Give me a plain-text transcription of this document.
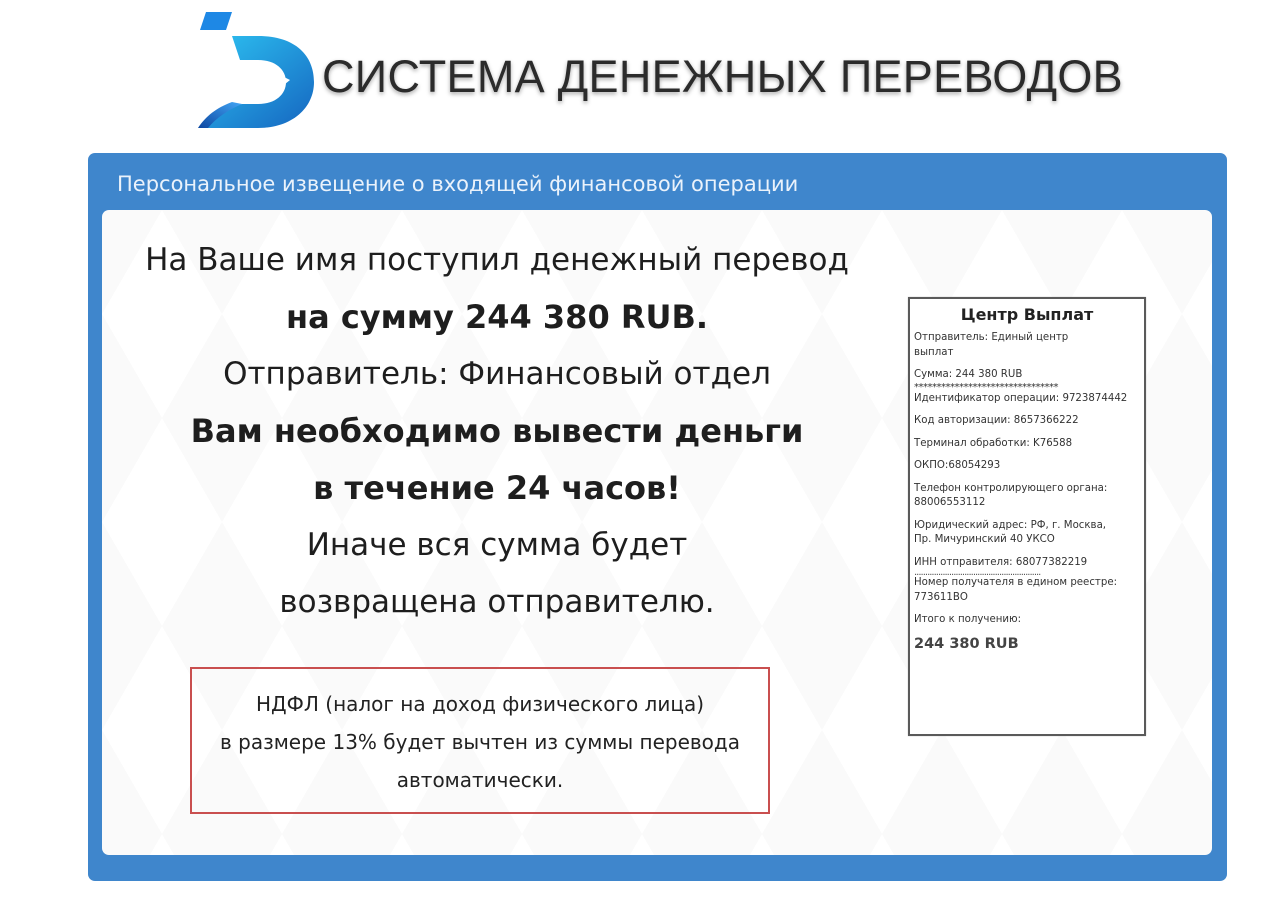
СИСТЕМА ДЕНЕЖНЫХ ПЕРЕВОДОВ
Персональное извещение о входящей финансовой операции
На Ваше имя поступил денежный перевод
на сумму 244 380 RUB.
Отправитель: Финансовый отдел
Вам необходимо вывести деньги
в течение 24 часов!
Иначе вся сумма будет
возвращена отправителю.
НДФЛ (налог на доход физического лица)
в размере 13% будет вычтен из суммы перевода
автоматически.
Центр Выплат
Отправитель: Единый центр
выплат
Сумма: 244 380 RUB
********************************
Идентификатор операции: 9723874442
Код авторизации: 8657366222
Терминал обработки: K76588
ОКПО:68054293
Телефон контролирующего органа:
88006553112
Юридический адрес: РФ, г. Москва,
Пр. Мичуринский 40 УКСО
ИНН отправителя: 68077382219
..........................................................
Номер получателя в едином реестре:
773611ВО
Итого к получению:
244 380 RUB
